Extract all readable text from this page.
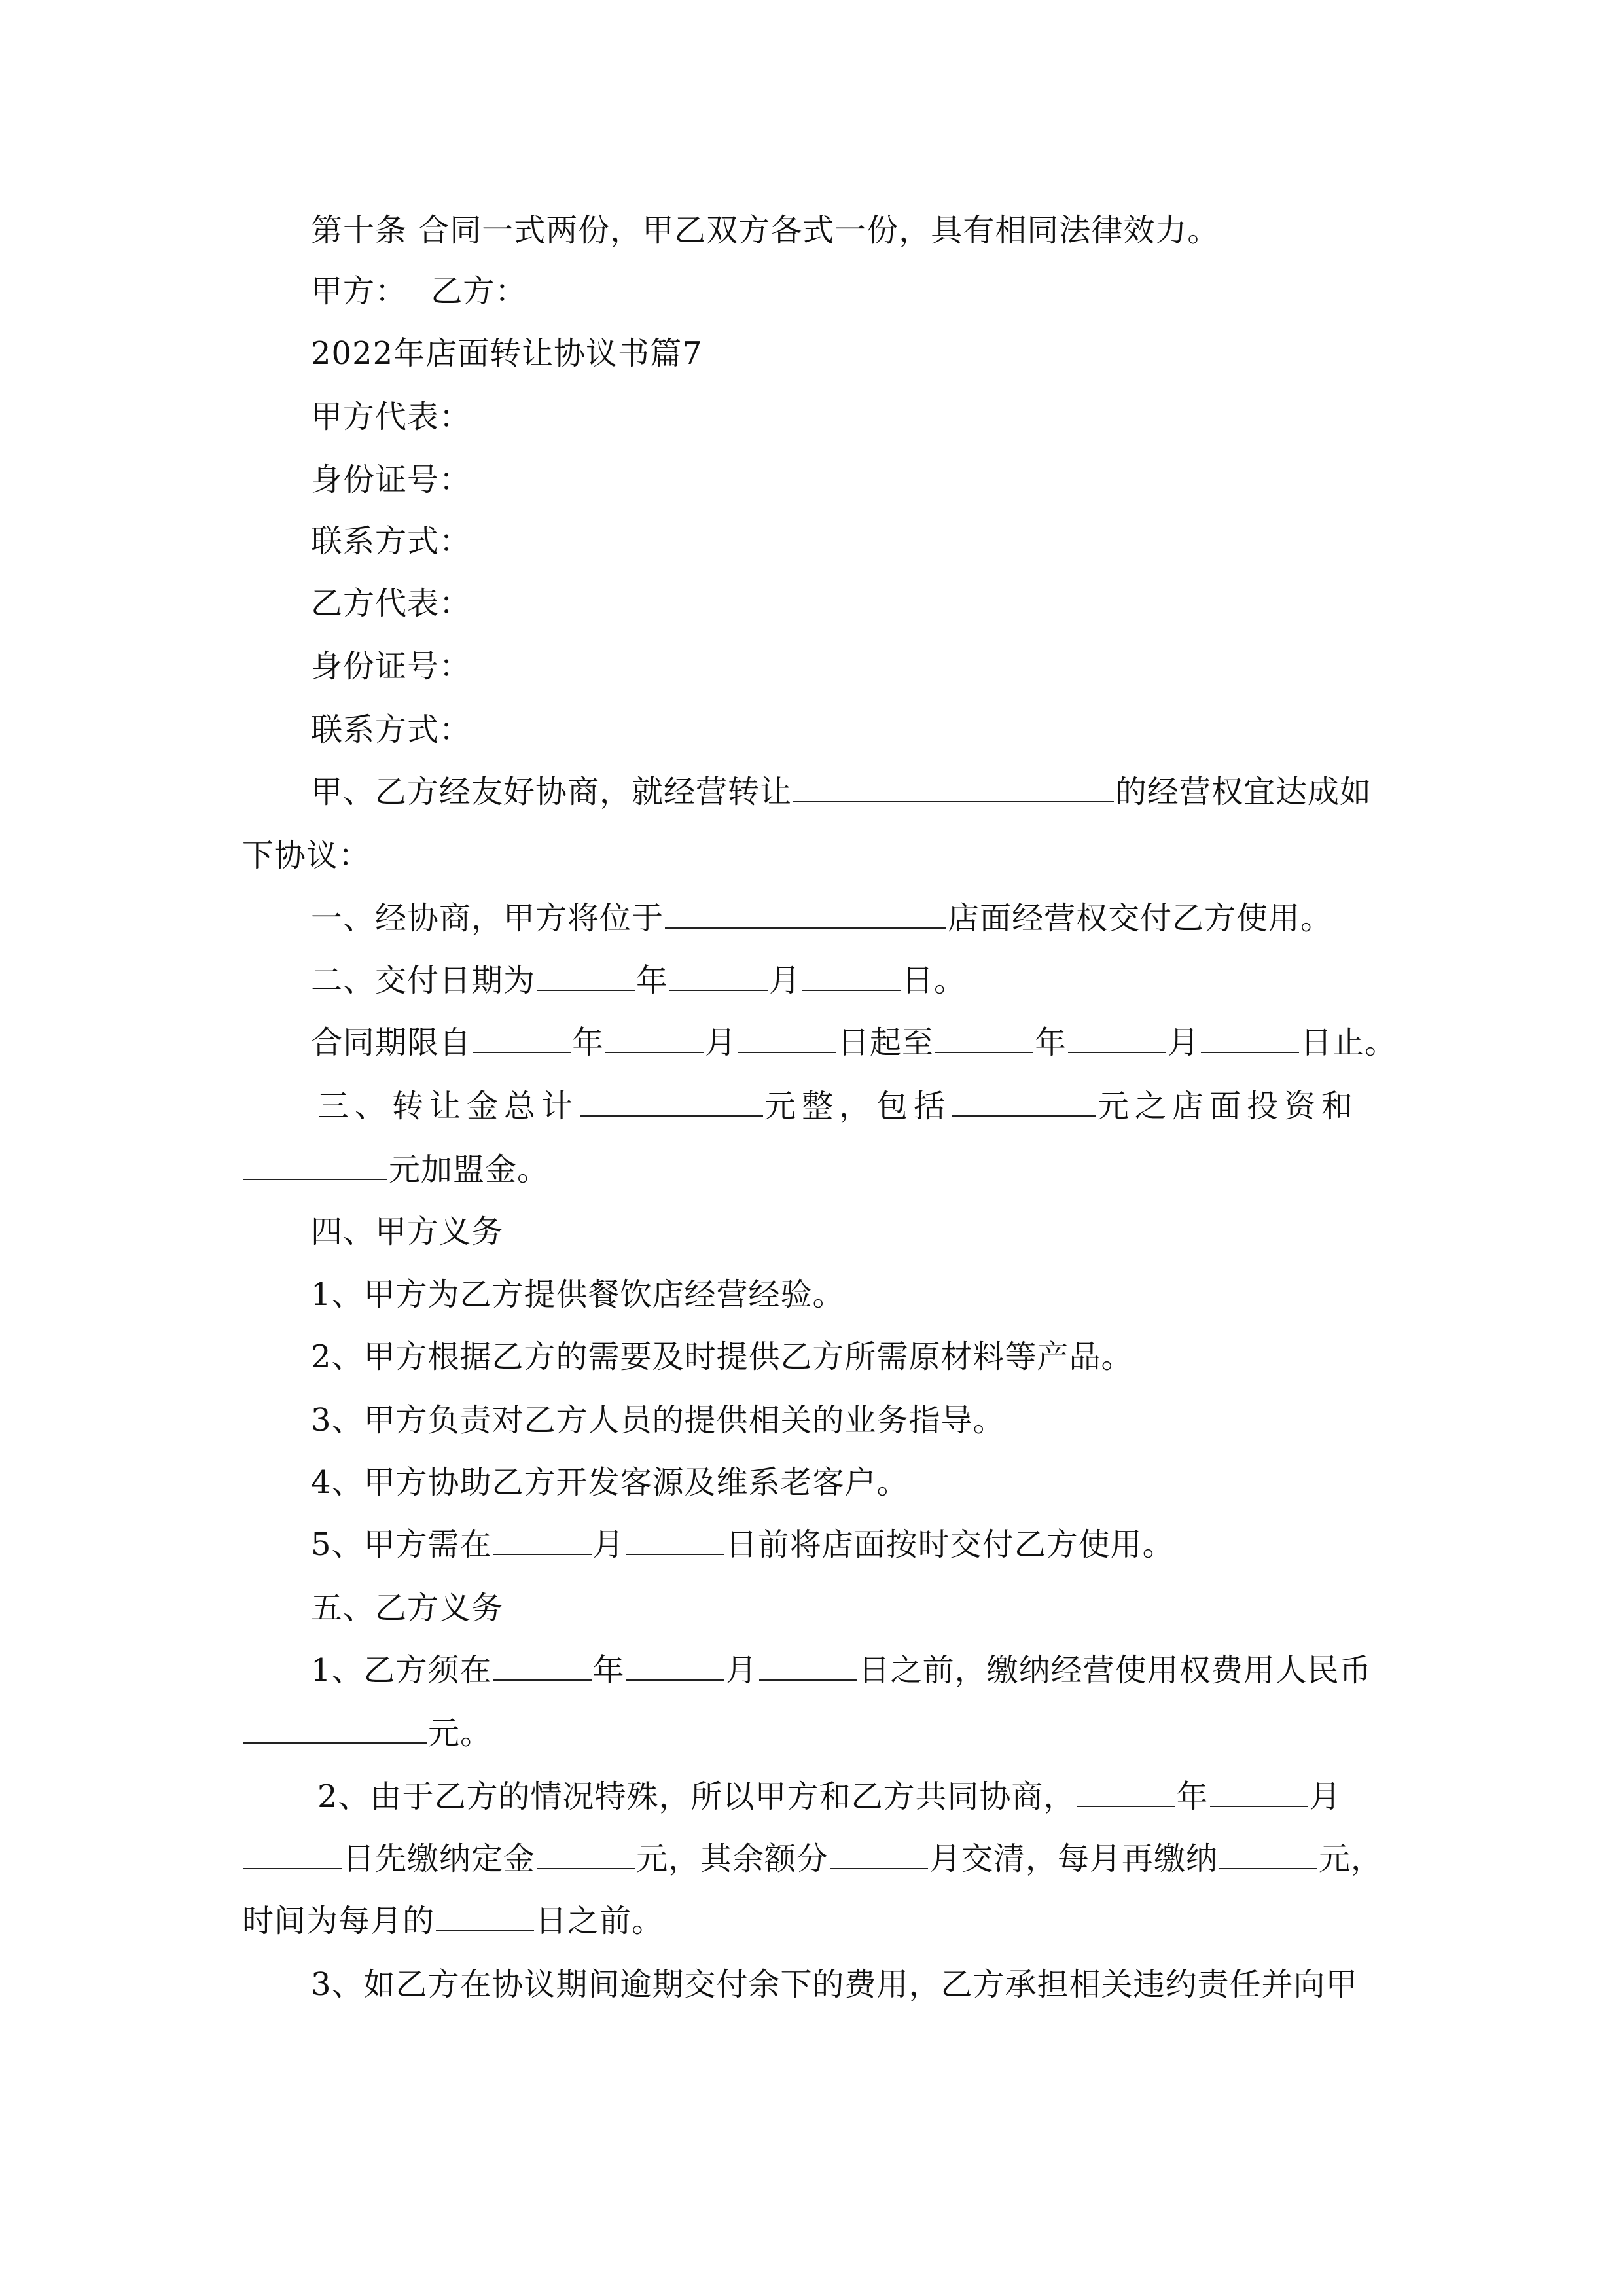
第十条 合同一式两份，甲乙双方各式一份，具有相同法律效力。
甲方： 乙方：
2022年店面转让协议书篇7
甲方代表：
身份证号：
联系方式：
乙方代表：
身份证号：
联系方式：
甲、乙方经友好协商，就经营转让	的经营权宜达成如
下协议：
一、经协商，甲方将位于	店面经营权交付乙方使用。
二、交付日期为	年	月	日。
合同期限自	年	月	日起至	年	月	日止。
三、转让金总计	元整，包括	元之店面投资和
元加盟金。
四、甲方义务
1、甲方为乙方提供餐饮店经营经验。
2、甲方根据乙方的需要及时提供乙方所需原材料等产品。
3、甲方负责对乙方人员的提供相关的业务指导。
4、甲方协助乙方开发客源及维系老客户。
5、甲方需在	月	日前将店面按时交付乙方使用。
五、乙方义务
1、乙方须在	年	月	日之前，缴纳经营使用权费用人民币
元。
2、由于乙方的情况特殊，所以甲方和乙方共同协商，	年	月
日先缴纳定金	元，其余额分	月交清，每月再缴纳	元，
时间为每月的	日之前。
3、如乙方在协议期间逾期交付余下的费用，乙方承担相关违约责任并向甲
